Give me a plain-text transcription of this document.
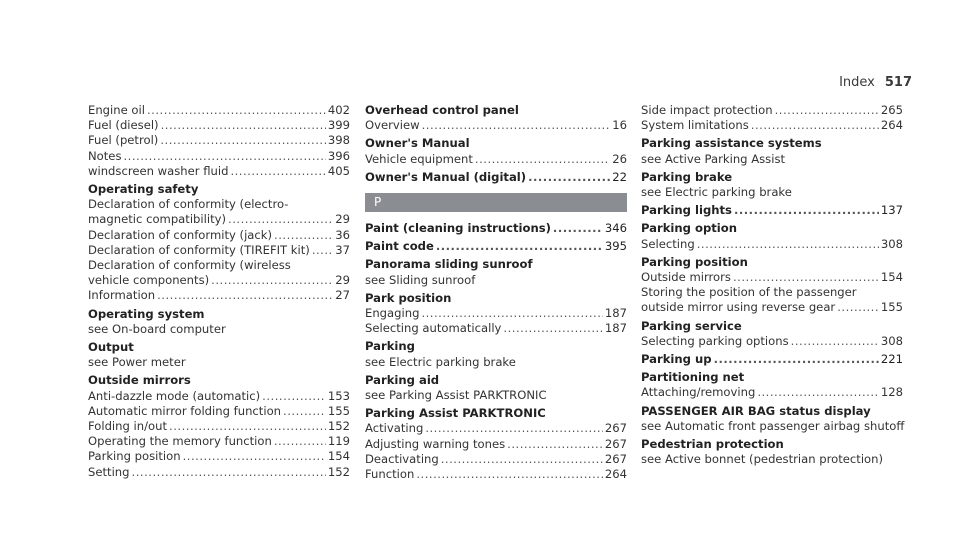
Index 517
Engine oil .....	402
Fuel (diesel) .....	399
Fuel (petrol) .....	398
Notes .....	396
windscreen washer fluid .....	405
Operating safety
Declaration of conformity (electro-
magnetic compatibility) .....	29
Declaration of conformity (jack) .....	36
Declaration of conformity (TIREFIT kit) ..... 37
Declaration of conformity (wireless
vehicle components) .....	29
Information .....	27
Operating system
see On-board computer
Output
see Power meter
Outside mirrors
Anti-dazzle mode (automatic) .....	153
Automatic mirror folding function .....	155
Folding in/out .....	152
Operating the memory function .....	119
Parking position .....	154
Setting .....	152
Overhead control panel
Overview .....	16
Owner's Manual
Vehicle equipment .....	26
Owner's Manual (digital) .....	22
P
Paint (cleaning instructions) .....	346
Paint code .....	395
Panorama sliding sunroof
see Sliding sunroof
Park position
Engaging .....	187
Selecting automatically .....	187
Parking
see Electric parking brake
Parking aid
see Parking Assist PARKTRONIC
Parking Assist PARKTRONIC
Activating .....	267
Adjusting warning tones .....	267
Deactivating .....	267
Function .....	264
Side impact protection .....	265
System limitations .....	264
Parking assistance systems
see Active Parking Assist
Parking brake
see Electric parking brake
Parking lights .....	137
Parking option
Selecting .....	308
Parking position
Outside mirrors .....	154
Storing the position of the passenger
outside mirror using reverse gear .....	155
Parking service
Selecting parking options .....	308
Parking up .....	221
Partitioning net
Attaching/removing .....	128
PASSENGER AIR BAG status display
see Automatic front passenger airbag shutoff
Pedestrian protection
see Active bonnet (pedestrian protection)
